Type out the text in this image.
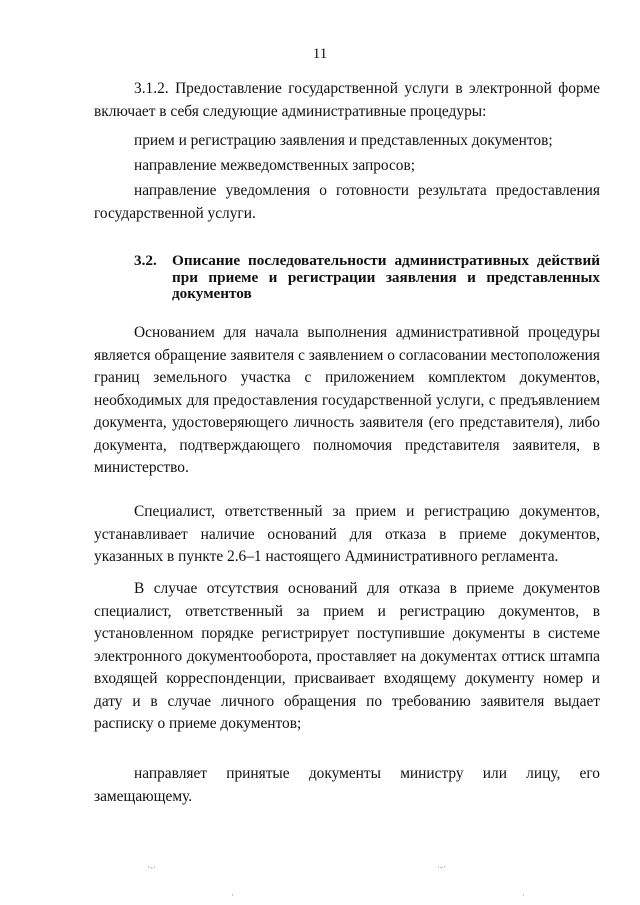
11

3.1.2. Предоставление государственной услуги в электронной форме включает в себя следующие административные процедуры:

прием и регистрацию заявления и представленных документов;

направление межведомственных запросов;

направление уведомления о готовности результата предоставления государственной услуги.

3.2. Описание последовательности административных действий при приеме и регистрации заявления и представленных документов

Основанием для начала выполнения административной процедуры является обращение заявителя с заявлением о согласовании местоположения границ земельного участка с приложением комплектом документов, необходимых для предоставления государственной услуги, с предъявлением документа, удостоверяющего личность заявителя (его представителя), либо документа, подтверждающего полномочия представителя заявителя, в министерство.

Специалист, ответственный за прием и регистрацию документов, устанавливает наличие оснований для отказа в приеме документов, указанных в пункте 2.6–1 настоящего Административного регламента.

В случае отсутствия оснований для отказа в приеме документов специалист, ответственный за прием и регистрацию документов, в установленном порядке регистрирует поступившие документы в системе электронного документооборота, проставляет на документах оттиск штампа входящей корреспонденции, присваивает входящему документу номер и дату и в случае личного обращения по требованию заявителя выдает расписку о приеме документов;

направляет принятые документы министру или лицу, его замещающему.

·-·	·-·
·	·
